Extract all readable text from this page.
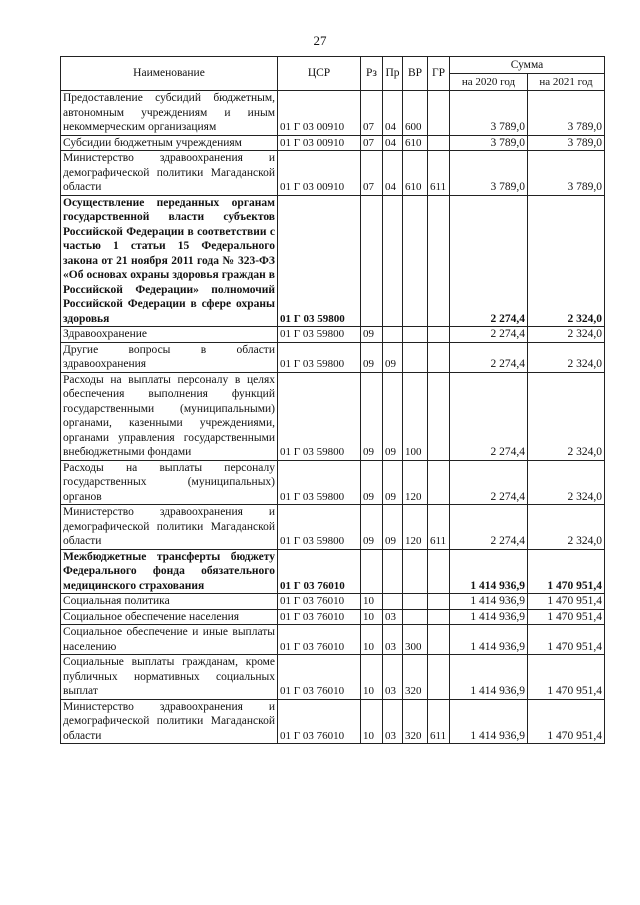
27
Наименование	ЦСР	Рз	Пр	ВР	ГР	Сумма	
						на 2020 год	на 2021 год
Предоставление субсидий бюджетным, автономным учреждениям и иным некоммерческим организациям	01 Г 03 00910	07	04	600		3 789,0	3 789,0
Субсидии бюджетным учреждениям	01 Г 03 00910	07	04	610		3 789,0	3 789,0
Министерство здравоохранения и демографической политики Магаданской области	01 Г 03 00910	07	04	610	611	3 789,0	3 789,0
Осуществление переданных органам государственной власти субъектов Российской Федерации в соответствии с частью 1 статьи 15 Федерального закона от 21 ноября 2011 года № 323-ФЗ «Об основах охраны здоровья граждан в Российской Федерации» полномочий Российской Федерации в сфере охраны здоровья	01 Г 03 59800					2 274,4	2 324,0
Здравоохранение	01 Г 03 59800	09				2 274,4	2 324,0
Другие вопросы в области здравоохранения	01 Г 03 59800	09	09			2 274,4	2 324,0
Расходы на выплаты персоналу в целях обеспечения выполнения функций государственными (муниципальными) органами, казенными учреждениями, органами управления государственными внебюджетными фондами	01 Г 03 59800	09	09	100		2 274,4	2 324,0
Расходы на выплаты персоналу государственных (муниципальных) органов	01 Г 03 59800	09	09	120		2 274,4	2 324,0
Министерство здравоохранения и демографической политики Магаданской области	01 Г 03 59800	09	09	120	611	2 274,4	2 324,0
Межбюджетные трансферты бюджету Федерального фонда обязательного медицинского страхования	01 Г 03 76010					1 414 936,9	1 470 951,4
Социальная политика	01 Г 03 76010	10				1 414 936,9	1 470 951,4
Социальное обеспечение населения	01 Г 03 76010	10	03			1 414 936,9	1 470 951,4
Социальное обеспечение и иные выплаты населению	01 Г 03 76010	10	03	300		1 414 936,9	1 470 951,4
Социальные выплаты гражданам, кроме публичных нормативных социальных выплат	01 Г 03 76010	10	03	320		1 414 936,9	1 470 951,4
Министерство здравоохранения и демографической политики Магаданской области	01 Г 03 76010	10	03	320	611	1 414 936,9	1 470 951,4
